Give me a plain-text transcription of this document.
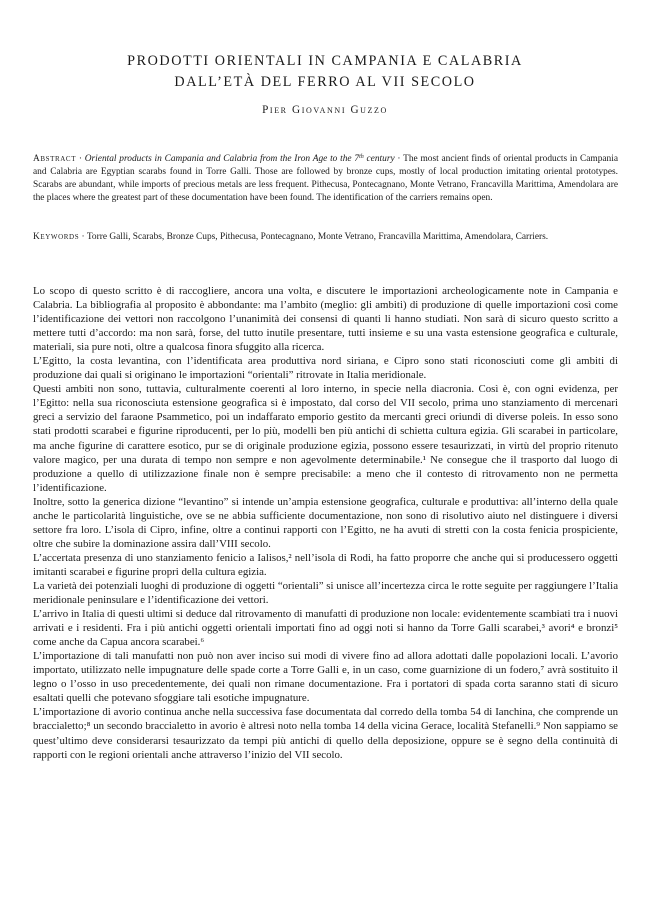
PRODOTTI ORIENTALI IN CAMPANIA E CALABRIA
DALL’ETÀ DEL FERRO AL VII SECOLO
Pier Giovanni Guzzo
Abstract · Oriental products in Campania and Calabria from the Iron Age to the 7th century · The most ancient finds of oriental products in Campania and Calabria are Egyptian scarabs found in Torre Galli. Those are followed by bronze cups, mostly of local production imitating oriental prototypes. Scarabs are abundant, while imports of precious metals are less frequent. Pithecusa, Pontecagnano, Monte Vetrano, Francavilla Marittima, Amendolara are the places where the greatest part of these documentation have been found. The identification of the carriers remains open.
Keywords · Torre Galli, Scarabs, Bronze Cups, Pithecusa, Pontecagnano, Monte Vetrano, Francavilla Marittima, Amendolara, Carriers.

Lo scopo di questo scritto è di raccogliere, ancora una volta, e discutere le importazioni archeologicamente note in Campania e Calabria. La bibliografia al proposito è abbondante: ma l’ambito (meglio: gli ambiti) di produzione di quelle importazioni così come l’identificazione dei vettori non raccolgono l’unanimità dei consensi di quanti li hanno studiati. Non sarà di sicuro questo scritto a mettere tutti d’accordo: ma non sarà, forse, del tutto inutile presentare, tutti insieme e su una vasta estensione geografica e culturale, materiali, sia pure noti, oltre a qualcosa finora sfuggito alla ricerca.

L’Egitto, la costa levantina, con l’identificata area produttiva nord siriana, e Cipro sono stati riconosciuti come gli ambiti di produzione dai quali si originano le importazioni “orientali” ritrovate in Italia meridionale.

Questi ambiti non sono, tuttavia, culturalmente coerenti al loro interno, in specie nella diacronia. Così è, con ogni evidenza, per l’Egitto: nella sua riconosciuta estensione geografica si è impostato, dal corso del VII secolo, prima uno stanziamento di mercenari greci a servizio del faraone Psammetico, poi un indaffarato emporio gestito da mercanti greci oriundi di diverse poleis. In esso sono stati prodotti scarabei e figurine riproducenti, per lo più, modelli ben più antichi di schietta cultura egizia. Gli scarabei in particolare, ma anche figurine di carattere esotico, pur se di originale produzione egizia, possono essere tesaurizzati, in virtù del proprio ritenuto valore magico, per una durata di tempo non sempre e non agevolmente determinabile.¹ Ne consegue che il trasporto dal luogo di produzione a quello di utilizzazione finale non è sempre precisabile: a meno che il contesto di ritrovamento non ne permetta l’identificazione.

Inoltre, sotto la generica dizione “levantino” si intende un’ampia estensione geografica, culturale e produttiva: all’interno della quale anche le particolarità linguistiche, ove se ne abbia sufficiente documentazione, non sono di risolutivo aiuto nel distinguere i diversi settore fra loro. L’isola di Cipro, infine, oltre a continui rapporti con l’Egitto, ne ha avuti di stretti con la costa fenicia prospiciente, oltre che subire la dominazione assira dall’VIII secolo.

L’accertata presenza di uno stanziamento fenicio a Ialisos,² nell’isola di Rodi, ha fatto proporre che anche qui si producessero oggetti imitanti scarabei e figurine propri della cultura egizia.

La varietà dei potenziali luoghi di produzione di oggetti “orientali” si unisce all’incertezza circa le rotte seguite per raggiungere l’Italia meridionale peninsulare e l’identificazione dei vettori.

L’arrivo in Italia di questi ultimi si deduce dal ritrovamento di manufatti di produzione non locale: evidentemente scambiati tra i nuovi arrivati e i residenti. Fra i più antichi oggetti orientali importati fino ad oggi noti si hanno da Torre Galli scarabei,³ avori⁴ e bronzi⁵ come anche da Capua ancora scarabei.⁶

L’importazione di tali manufatti non può non aver inciso sui modi di vivere fino ad allora adottati dalle popolazioni locali. L’avorio importato, utilizzato nelle impugnature delle spade corte a Torre Galli e, in un caso, come guarnizione di un fodero,⁷ avrà sostituito il legno o l’osso in uso precedentemente, dei quali non rimane documentazione. Fra i portatori di spada corta saranno stati di sicuro esaltati quelli che potevano sfoggiare tali esotiche impugnature.

L’importazione di avorio continua anche nella successiva fase documentata dal corredo della tomba 54 di Ianchina, che comprende un braccialetto;⁸ un secondo braccialetto in avorio è altresì noto nella tomba 14 della vicina Gerace, località Stefanelli.⁹ Non sappiamo se quest’ultimo deve considerarsi tesaurizzato da tempi più antichi di quello della deposizione, oppure se è segno della continuità di rapporti con le regioni orientali anche attraverso l’inizio del VII secolo.
